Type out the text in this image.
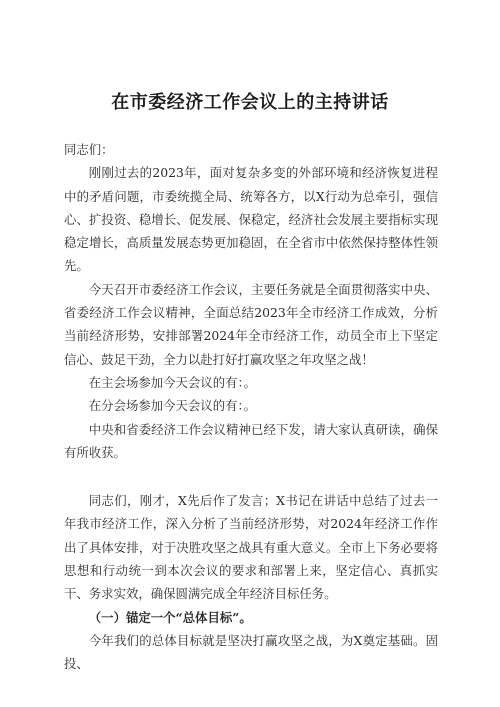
在市委经济工作会议上的主持讲话

同志们：

刚刚过去的2023年，面对复杂多变的外部环境和经济恢复进程中的矛盾问题，市委统揽全局、统筹各方，以X行动为总牵引，强信心、扩投资、稳增长、促发展、保稳定，经济社会发展主要指标实现稳定增长，高质量发展态势更加稳固，在全省市中依然保持整体性领先。

今天召开市委经济工作会议，主要任务就是全面贯彻落实中央、省委经济工作会议精神，全面总结2023年全市经济工作成效，分析当前经济形势，安排部署2024年全市经济工作，动员全市上下坚定信心、鼓足干劲，全力以赴打好打赢攻坚之年攻坚之战！

在主会场参加今天会议的有：。

在分会场参加今天会议的有：。

中央和省委经济工作会议精神已经下发，请大家认真研读，确保有所收获。

同志们，刚才，X先后作了发言；X书记在讲话中总结了过去一年我市经济工作，深入分析了当前经济形势，对2024年经济工作作出了具体安排，对于决胜攻坚之战具有重大意义。全市上下务必要将思想和行动统一到本次会议的要求和部署上来，坚定信心、真抓实干、务求实效，确保圆满完成全年经济目标任务。

（一）锚定一个“总体目标”。

今年我们的总体目标就是坚决打赢攻坚之战，为X奠定基础。固投、
